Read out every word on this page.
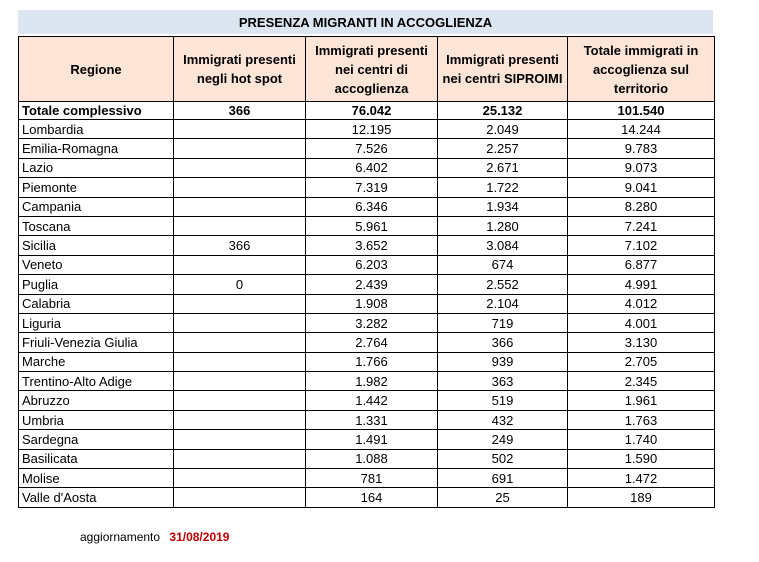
PRESENZA MIGRANTI IN ACCOGLIENZA
Regione	Immigrati presenti negli hot spot	Immigrati presenti nei centri di accoglienza	Immigrati presenti nei centri SIPROIMI	Totale immigrati in accoglienza sul territorio
Totale complessivo	366	76.042	25.132	101.540
Lombardia		12.195	2.049	14.244
Emilia-Romagna		7.526	2.257	9.783
Lazio		6.402	2.671	9.073
Piemonte		7.319	1.722	9.041
Campania		6.346	1.934	8.280
Toscana		5.961	1.280	7.241
Sicilia	366	3.652	3.084	7.102
Veneto		6.203	674	6.877
Puglia	0	2.439	2.552	4.991
Calabria		1.908	2.104	4.012
Liguria		3.282	719	4.001
Friuli-Venezia Giulia		2.764	366	3.130
Marche		1.766	939	2.705
Trentino-Alto Adige		1.982	363	2.345
Abruzzo		1.442	519	1.961
Umbria		1.331	432	1.763
Sardegna		1.491	249	1.740
Basilicata		1.088	502	1.590
Molise		781	691	1.472
Valle d'Aosta		164	25	189
aggiornamento 31/08/2019
